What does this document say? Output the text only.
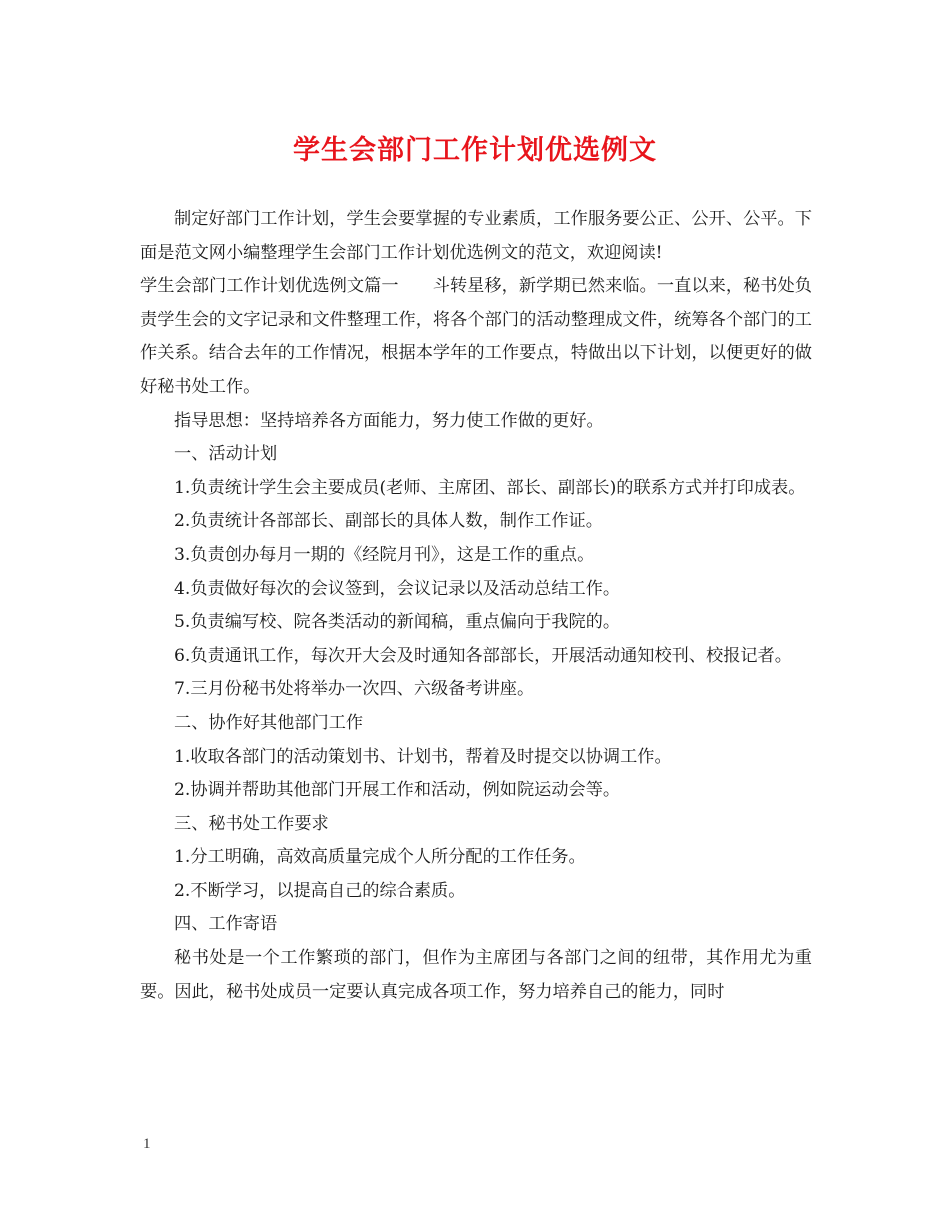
学生会部门工作计划优选例文

制定好部门工作计划，学生会要掌握的专业素质，工作服务要公正、公开、公平。下面是范文网小编整理学生会部门工作计划优选例文的范文，欢迎阅读!

学生会部门工作计划优选例文篇一 斗转星移，新学期已然来临。一直以来，秘书处负责学生会的文字记录和文件整理工作，将各个部门的活动整理成文件，统筹各个部门的工作关系。结合去年的工作情况，根据本学年的工作要点，特做出以下计划，以便更好的做好秘书处工作。

指导思想：坚持培养各方面能力，努力使工作做的更好。

一、活动计划

1.负责统计学生会主要成员(老师、主席团、部长、副部长)的联系方式并打印成表。

2.负责统计各部部长、副部长的具体人数，制作工作证。

3.负责创办每月一期的《经院月刊》，这是工作的重点。

4.负责做好每次的会议签到，会议记录以及活动总结工作。

5.负责编写校、院各类活动的新闻稿，重点偏向于我院的。

6.负责通讯工作，每次开大会及时通知各部部长，开展活动通知校刊、校报记者。

7.三月份秘书处将举办一次四、六级备考讲座。

二、协作好其他部门工作

1.收取各部门的活动策划书、计划书，帮着及时提交以协调工作。

2.协调并帮助其他部门开展工作和活动，例如院运动会等。

三、秘书处工作要求

1.分工明确，高效高质量完成个人所分配的工作任务。

2.不断学习，以提高自己的综合素质。

四、工作寄语

秘书处是一个工作繁琐的部门，但作为主席团与各部门之间的纽带，其作用尤为重要。因此，秘书处成员一定要认真完成各项工作，努力培养自己的能力，同时

1
